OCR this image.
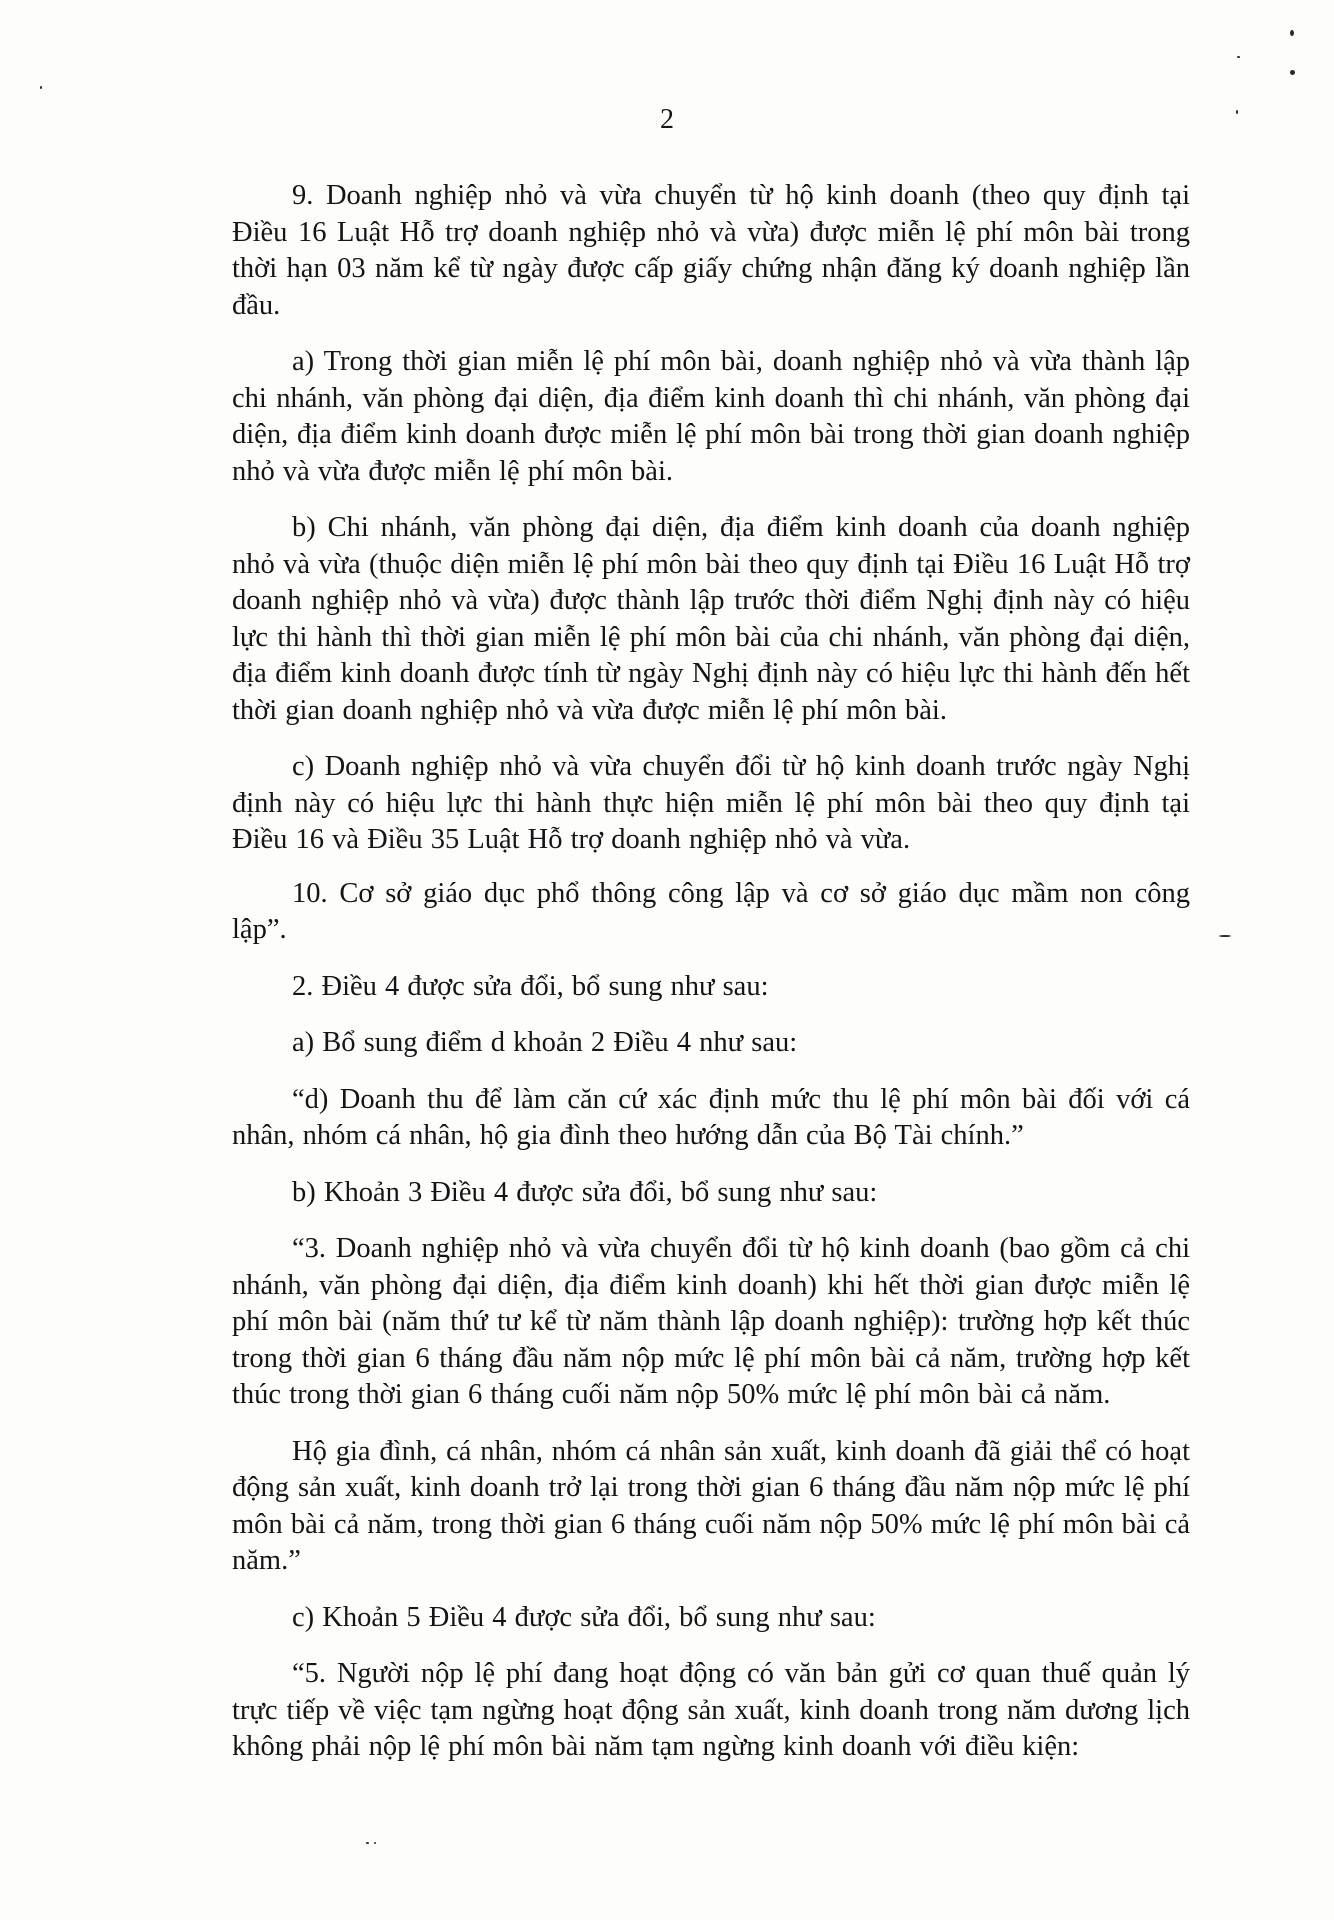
2

9. Doanh nghiệp nhỏ và vừa chuyển từ hộ kinh doanh (theo quy định tại Điều 16 Luật Hỗ trợ doanh nghiệp nhỏ và vừa) được miễn lệ phí môn bài trong thời hạn 03 năm kể từ ngày được cấp giấy chứng nhận đăng ký doanh nghiệp lần đầu.

a) Trong thời gian miễn lệ phí môn bài, doanh nghiệp nhỏ và vừa thành lập chi nhánh, văn phòng đại diện, địa điểm kinh doanh thì chi nhánh, văn phòng đại diện, địa điểm kinh doanh được miễn lệ phí môn bài trong thời gian doanh nghiệp nhỏ và vừa được miễn lệ phí môn bài.

b) Chi nhánh, văn phòng đại diện, địa điểm kinh doanh của doanh nghiệp nhỏ và vừa (thuộc diện miễn lệ phí môn bài theo quy định tại Điều 16 Luật Hỗ trợ doanh nghiệp nhỏ và vừa) được thành lập trước thời điểm Nghị định này có hiệu lực thi hành thì thời gian miễn lệ phí môn bài của chi nhánh, văn phòng đại diện, địa điểm kinh doanh được tính từ ngày Nghị định này có hiệu lực thi hành đến hết thời gian doanh nghiệp nhỏ và vừa được miễn lệ phí môn bài.

c) Doanh nghiệp nhỏ và vừa chuyển đổi từ hộ kinh doanh trước ngày Nghị định này có hiệu lực thi hành thực hiện miễn lệ phí môn bài theo quy định tại Điều 16 và Điều 35 Luật Hỗ trợ doanh nghiệp nhỏ và vừa.

10. Cơ sở giáo dục phổ thông công lập và cơ sở giáo dục mầm non công lập”.

2. Điều 4 được sửa đổi, bổ sung như sau:

a) Bổ sung điểm d khoản 2 Điều 4 như sau:

“d) Doanh thu để làm căn cứ xác định mức thu lệ phí môn bài đối với cá nhân, nhóm cá nhân, hộ gia đình theo hướng dẫn của Bộ Tài chính.”

b) Khoản 3 Điều 4 được sửa đổi, bổ sung như sau:

“3. Doanh nghiệp nhỏ và vừa chuyển đổi từ hộ kinh doanh (bao gồm cả chi nhánh, văn phòng đại diện, địa điểm kinh doanh) khi hết thời gian được miễn lệ phí môn bài (năm thứ tư kể từ năm thành lập doanh nghiệp): trường hợp kết thúc trong thời gian 6 tháng đầu năm nộp mức lệ phí môn bài cả năm, trường hợp kết thúc trong thời gian 6 tháng cuối năm nộp 50% mức lệ phí môn bài cả năm.

Hộ gia đình, cá nhân, nhóm cá nhân sản xuất, kinh doanh đã giải thể có hoạt động sản xuất, kinh doanh trở lại trong thời gian 6 tháng đầu năm nộp mức lệ phí môn bài cả năm, trong thời gian 6 tháng cuối năm nộp 50% mức lệ phí môn bài cả năm.”

c) Khoản 5 Điều 4 được sửa đổi, bổ sung như sau:

“5. Người nộp lệ phí đang hoạt động có văn bản gửi cơ quan thuế quản lý trực tiếp về việc tạm ngừng hoạt động sản xuất, kinh doanh trong năm dương lịch không phải nộp lệ phí môn bài năm tạm ngừng kinh doanh với điều kiện:
